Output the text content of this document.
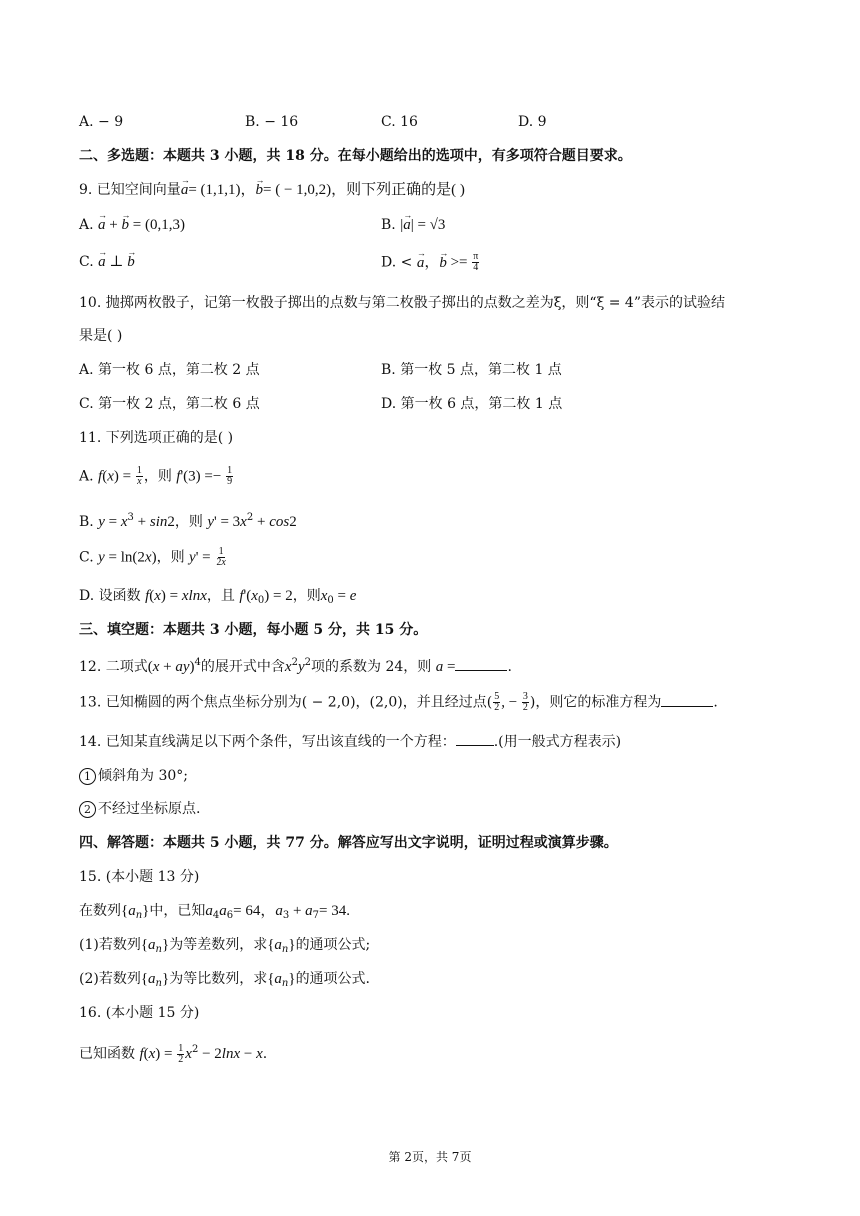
A. − 9	B. − 16	C. 16	D. 9
二、多选题：本题共 3 小题，共 18 分。在每小题给出的选项中，有多项符合题目要求。
9. 已知空间向量→ a= (1,1,1)，→ b= ( − 1,0,2)，则下列正确的是( )
A. → a + → b = (0,1,3)	B. |→ a| = √3
C. → a ⊥ → b	D. < → a，→ $b >= \frac{\pi}{4}$
10. 抛掷两枚骰子，记第一枚骰子掷出的点数与第二枚骰子掷出的点数之差为ξ，则“ξ = 4”表示的试验结
果是( )
A. 第一枚 6 点，第二枚 2 点	B. 第一枚 5 点，第二枚 1 点
C. 第一枚 2 点，第二枚 6 点	D. 第一枚 6 点，第二枚 1 点
11. 下列选项正确的是( )
A. $f(x) = \frac{1}{x}$ ，则 $f'(3) =- \frac{1}{9}$
B. $y = x^3 + \sin 2$，则 $y' = 3x^2 + \cos 2$
C. y = ln(2x)，则 $y' = \frac{1}{2x}$
D. 设函数 f(x) = xlnx，且 $f'(x_0) = 2$，则$x_0 = e$
三、填空题：本题共 3 小题，每小题 5 分，共 15 分。
12. 二项式(x + ay)$^4$的展开式中含$x^2y^2$项的系数为 24，则 a =	.
13. 已知椭圆的两个焦点坐标分别为( − 2,0)，(2,0)，并且经过点( $\frac{5}{2}$ , − $\frac{3}{2}$ )，则它的标准方程为	.
14. 已知某直线满足以下两个条件，写出该直线的一个方程：	.(用一般式方程表示)
1 倾斜角为 30°;
2 不经过坐标原点.
四、解答题：本题共 5 小题，共 77 分。解答应写出文字说明，证明过程或演算步骤。
15. (本小题 13 分)
在数列$\{a_n\}$中，已知$a_4a_6= 64$，$a_3 + a_7= 34$.
(1)若数列$\{a_n\}$为等差数列，求$\{a_n\}$的通项公式;
(2)若数列$\{a_n\}$为等比数列，求$\{a_n\}$的通项公式.
16. (本小题 15 分)
已知函数 $f(x) = \frac{1}{2} x^2 - 2\ln x - x$.
第 2页，共 7页
